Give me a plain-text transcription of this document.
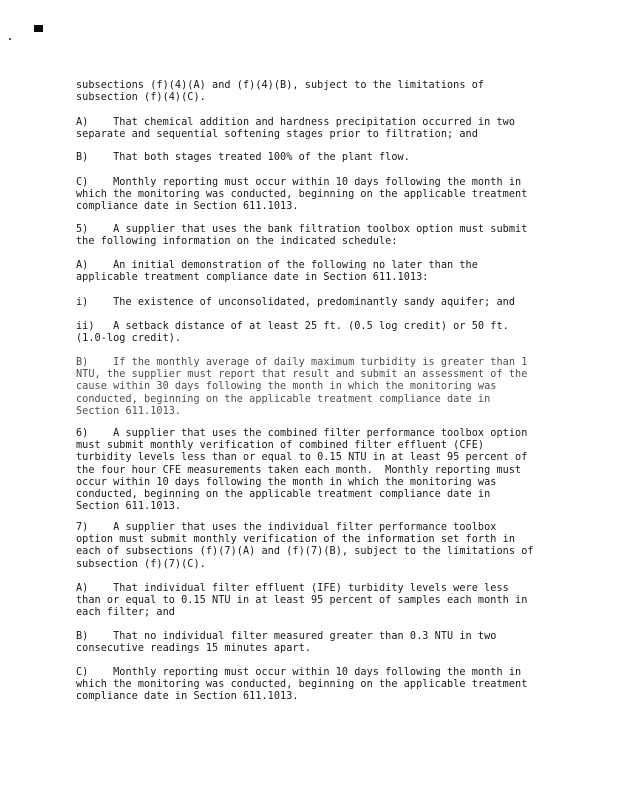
subsections (f)(4)(A) and (f)(4)(B), subject to the limitations of subsection (f)(4)(C).

A)    That chemical addition and hardness precipitation occurred in two separate and sequential softening stages prior to filtration; and

B)    That both stages treated 100% of the plant flow.

C)    Monthly reporting must occur within 10 days following the month in which the monitoring was conducted, beginning on the applicable treatment compliance date in Section 611.1013.

5)    A supplier that uses the bank filtration toolbox option must submit the following information on the indicated schedule:

A)    An initial demonstration of the following no later than the applicable treatment compliance date in Section 611.1013:

i)    The existence of unconsolidated, predominantly sandy aquifer; and

ii)   A setback distance of at least 25 ft. (0.5 log credit) or 50 ft. (1.0-log credit).

B)    If the monthly average of daily maximum turbidity is greater than 1 NTU, the supplier must report that result and submit an assessment of the cause within 30 days following the month in which the monitoring was conducted, beginning on the applicable treatment compliance date in Section 611.1013.

6)    A supplier that uses the combined filter performance toolbox option must submit monthly verification of combined filter effluent (CFE) turbidity levels less than or equal to 0.15 NTU in at least 95 percent of the four hour CFE measurements taken each month.  Monthly reporting must occur within 10 days following the month in which the monitoring was conducted, beginning on the applicable treatment compliance date in Section 611.1013.

7)    A supplier that uses the individual filter performance toolbox option must submit monthly verification of the information set forth in each of subsections (f)(7)(A) and (f)(7)(B), subject to the limitations of subsection (f)(7)(C).

A)    That individual filter effluent (IFE) turbidity levels were less than or equal to 0.15 NTU in at least 95 percent of samples each month in each filter; and

B)    That no individual filter measured greater than 0.3 NTU in two consecutive readings 15 minutes apart.

C)    Monthly reporting must occur within 10 days following the month in which the monitoring was conducted, beginning on the applicable treatment compliance date in Section 611.1013.
